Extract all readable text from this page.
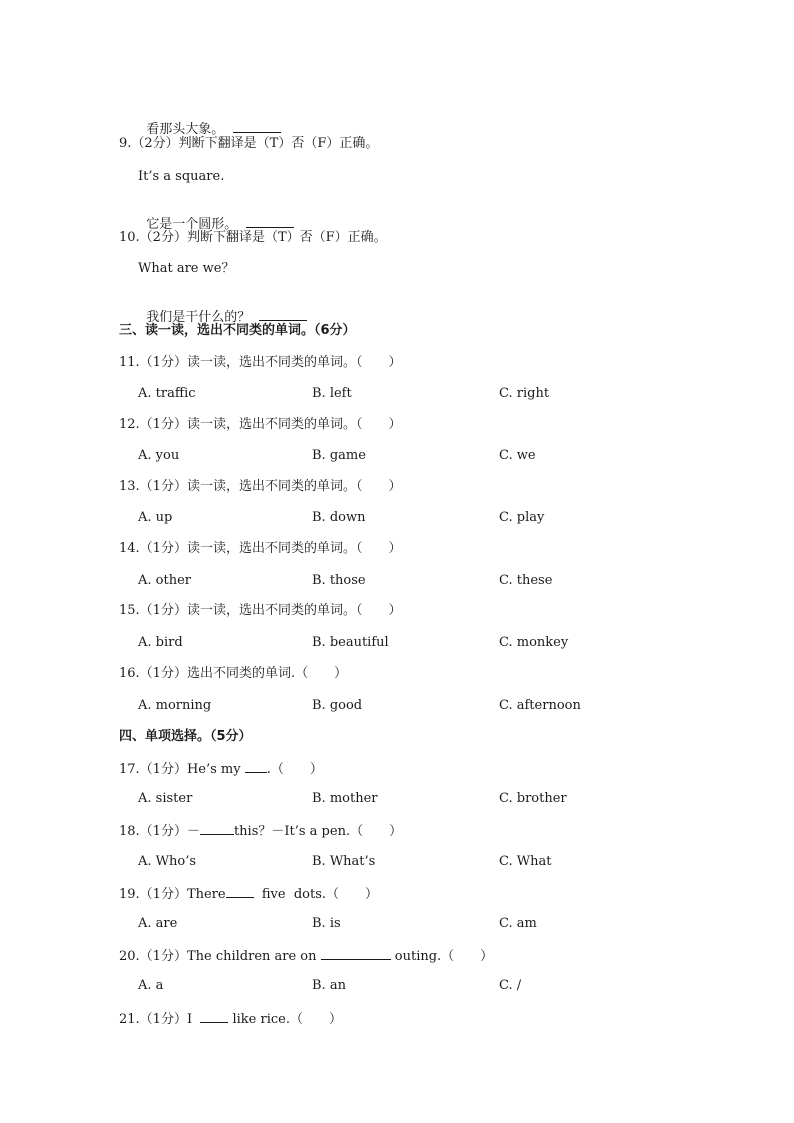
看那头大象。

9.（2分）判断下翻译是（T）否（F）正确。
It’s a square.

它是一个圆形。

10.（2分）判断下翻译是（T）否（F）正确。
What are we？

我们是干什么的？

三、读一读，选出不同类的单词。（6分）
11.（1分）读一读，选出不同类的单词。（　　）
A. traffic	B. left	C. right
12.（1分）读一读，选出不同类的单词。（　　）
A. you	B. game	C. we
13.（1分）读一读，选出不同类的单词。（　　）
A. up	B. down	C. play
14.（1分）读一读，选出不同类的单词。（　　）
A. other	B. those	C. these
15.（1分）读一读，选出不同类的单词。（　　）
A. bird	B. beautiful	C. monkey
16.（1分）选出不同类的单词.（　　）
A. morning	B. good	C. afternoon
四、单项选择。（5分）
17.（1分）He’s my .（　　）
A. sister	B. mother	C. brother
18.（1分）－	this？－It’s a pen.（　　）
A. Who’s	B. What’s	C. What
19.（1分）There  five  dots.（　　）
A. are	B. is	C. am
20.（1分）The children are on	outing.（　　）
A. a	B. an	C. /
21.（1分）I   like rice.（　　）
